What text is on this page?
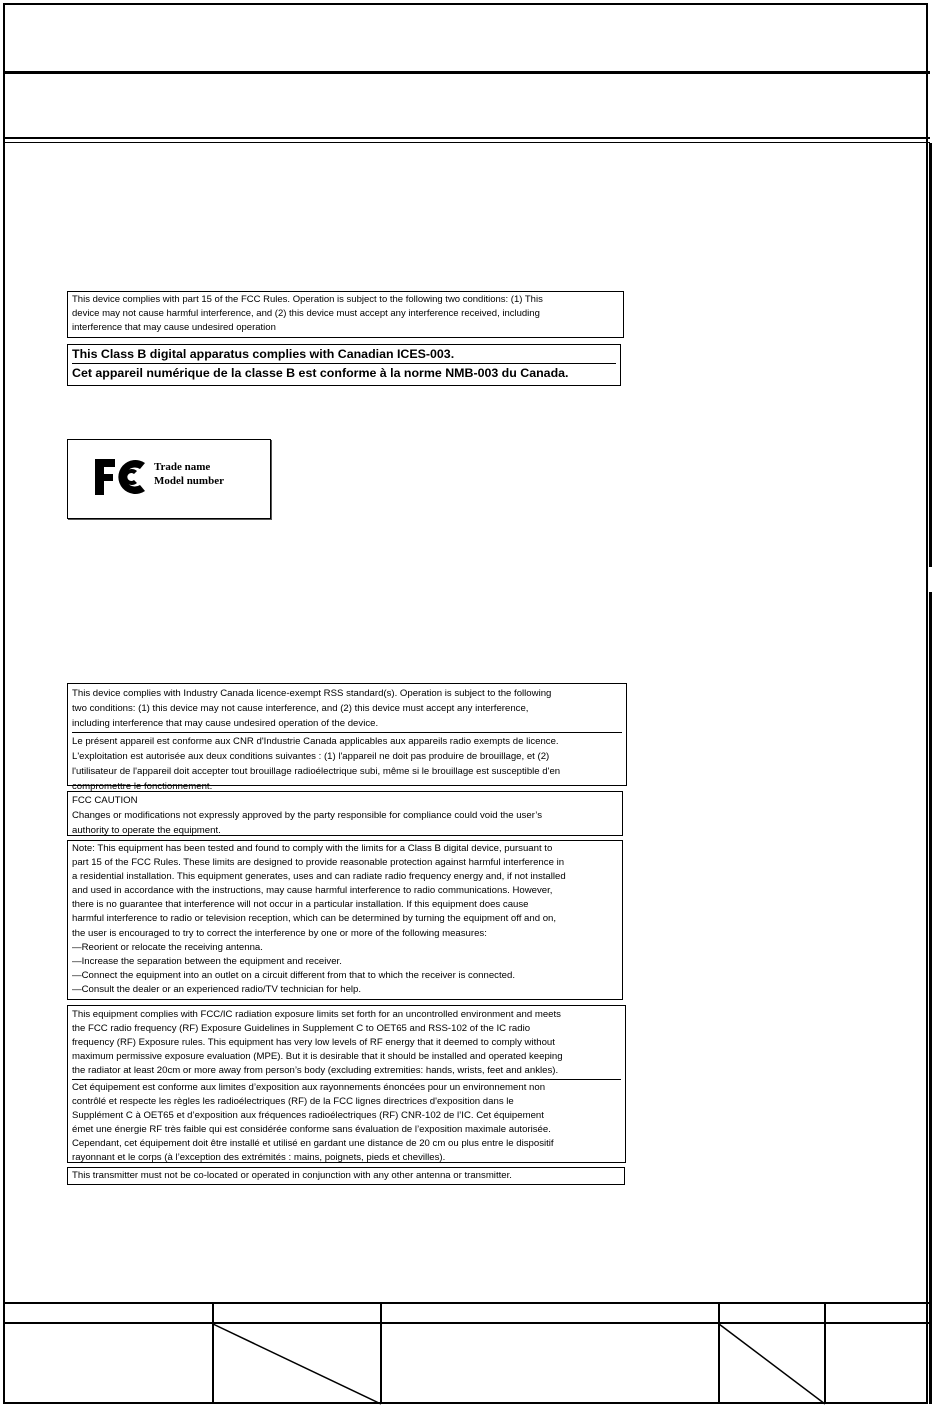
This device complies with part 15 of the FCC Rules. Operation is subject to the following two conditions: (1) This

device may not cause harmful interference, and (2) this device must accept any interference received, including

interference that may cause undesired operation

This Class B digital apparatus complies with Canadian ICES-003.

Cet appareil numérique de la classe B est conforme à la norme NMB-003 du Canada.

Trade name
Model number

This device complies with Industry Canada licence-exempt RSS standard(s). Operation is subject to the following

two conditions: (1) this device may not cause interference, and (2) this device must accept any interference,

including interference that may cause undesired operation of the device.

Le présent appareil est conforme aux CNR d'Industrie Canada applicables aux appareils radio exempts de licence.

L'exploitation est autorisée aux deux conditions suivantes : (1) l'appareil ne doit pas produire de brouillage, et (2)

l'utilisateur de l'appareil doit accepter tout brouillage radioélectrique subi, même si le brouillage est susceptible d'en

compromettre le fonctionnement.

FCC CAUTION

Changes or modifications not expressly approved by the party responsible for compliance could void the user’s

authority to operate the equipment.

Note: This equipment has been tested and found to comply with the limits for a Class B digital device, pursuant to

part 15 of the FCC Rules. These limits are designed to provide reasonable protection against harmful interference in

a residential installation. This equipment generates, uses and can radiate radio frequency energy and, if not installed

and used in accordance with the instructions, may cause harmful interference to radio communications. However,

there is no guarantee that interference will not occur in a particular installation. If this equipment does cause

harmful interference to radio or television reception, which can be determined by turning the equipment off and on,

the user is encouraged to try to correct the interference by one or more of the following measures:

—Reorient or relocate the receiving antenna.

—Increase the separation between the equipment and receiver.

—Connect the equipment into an outlet on a circuit different from that to which the receiver is connected.

—Consult the dealer or an experienced radio/TV technician for help.

This equipment complies with FCC/IC radiation exposure limits set forth for an uncontrolled environment and meets

the FCC radio frequency (RF) Exposure Guidelines in Supplement C to OET65 and RSS-102 of the IC radio

frequency (RF) Exposure rules. This equipment has very low levels of RF energy that it deemed to comply without

maximum permissive exposure evaluation (MPE). But it is desirable that it should be installed and operated keeping

the radiator at least 20cm or more away from person’s body (excluding extremities: hands, wrists, feet and ankles).

Cet équipement est conforme aux limites d’exposition aux rayonnements énoncées pour un environnement non

contrôlé et respecte les règles les radioélectriques (RF) de la FCC lignes directrices d'exposition dans le

Supplément C à OET65 et d’exposition aux fréquences radioélectriques (RF) CNR-102 de l’IC. Cet équipement

émet une énergie RF très faible qui est considérée conforme sans évaluation de l’exposition maximale autorisée.

Cependant, cet équipement doit être installé et utilisé en gardant une distance de 20 cm ou plus entre le dispositif

rayonnant et le corps (à l’exception des extrémités : mains, poignets, pieds et chevilles).

This transmitter must not be co-located or operated in conjunction with any other antenna or transmitter.
